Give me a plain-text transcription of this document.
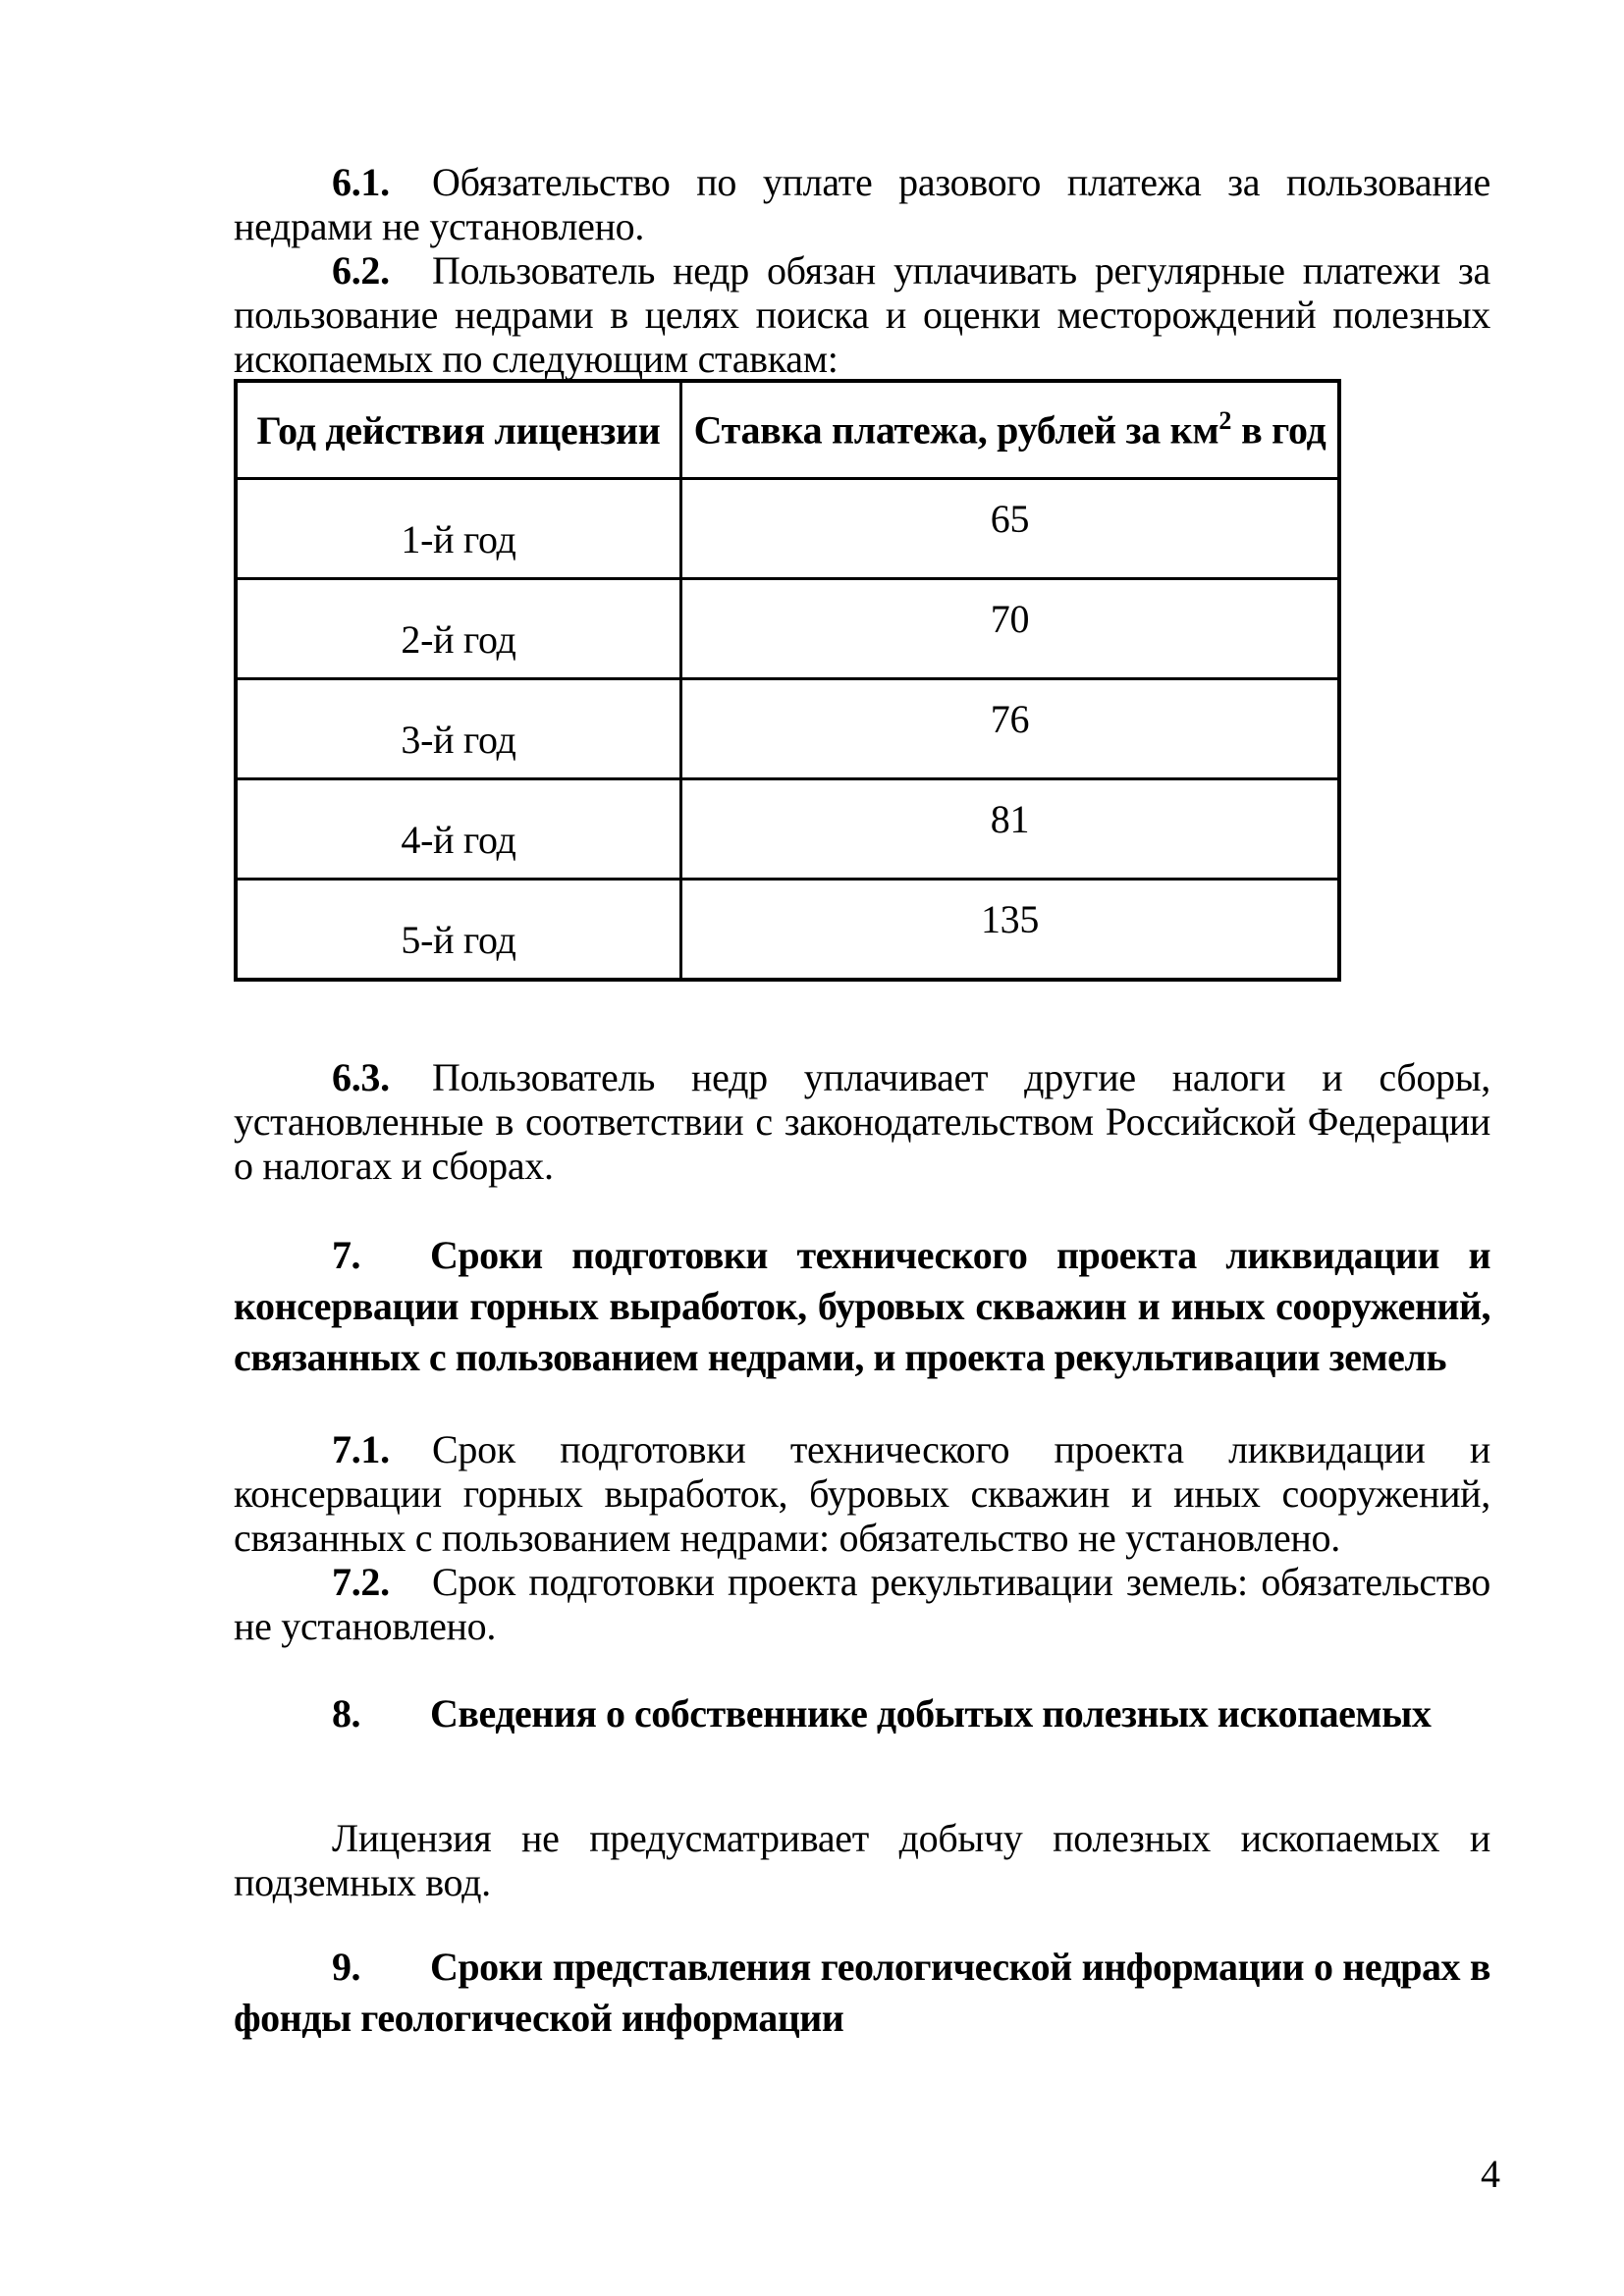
6.1. Обязательство по уплате разового платежа за пользование недрами не установлено.

6.2. Пользователь недр обязан уплачивать регулярные платежи за пользование недрами в целях поиска и оценки месторождений полезных ископаемых по следующим ставкам:

Год действия лицензии	Ставка платежа, рублей за $км^2$ в год
1-й год	65
2-й год	70
3-й год	76
4-й год	81
5-й год	135

6.3. Пользователь недр уплачивает другие налоги и сборы, установленные в соответствии с законодательством Российской Федерации о налогах и сборах.

7. Сроки подготовки технического проекта ликвидации и консервации горных выработок, буровых скважин и иных сооружений, связанных с пользованием недрами, и проекта рекультивации земель

7.1. Срок подготовки технического проекта ликвидации и консервации горных выработок, буровых скважин и иных сооружений, связанных с пользованием недрами: обязательство не установлено.

7.2. Срок подготовки проекта рекультивации земель: обязательство не установлено.

8. Сведения о собственнике добытых полезных ископаемых

Лицензия не предусматривает добычу полезных ископаемых и подземных вод.

9. Сроки представления геологической информации о недрах в фонды геологической информации

4
